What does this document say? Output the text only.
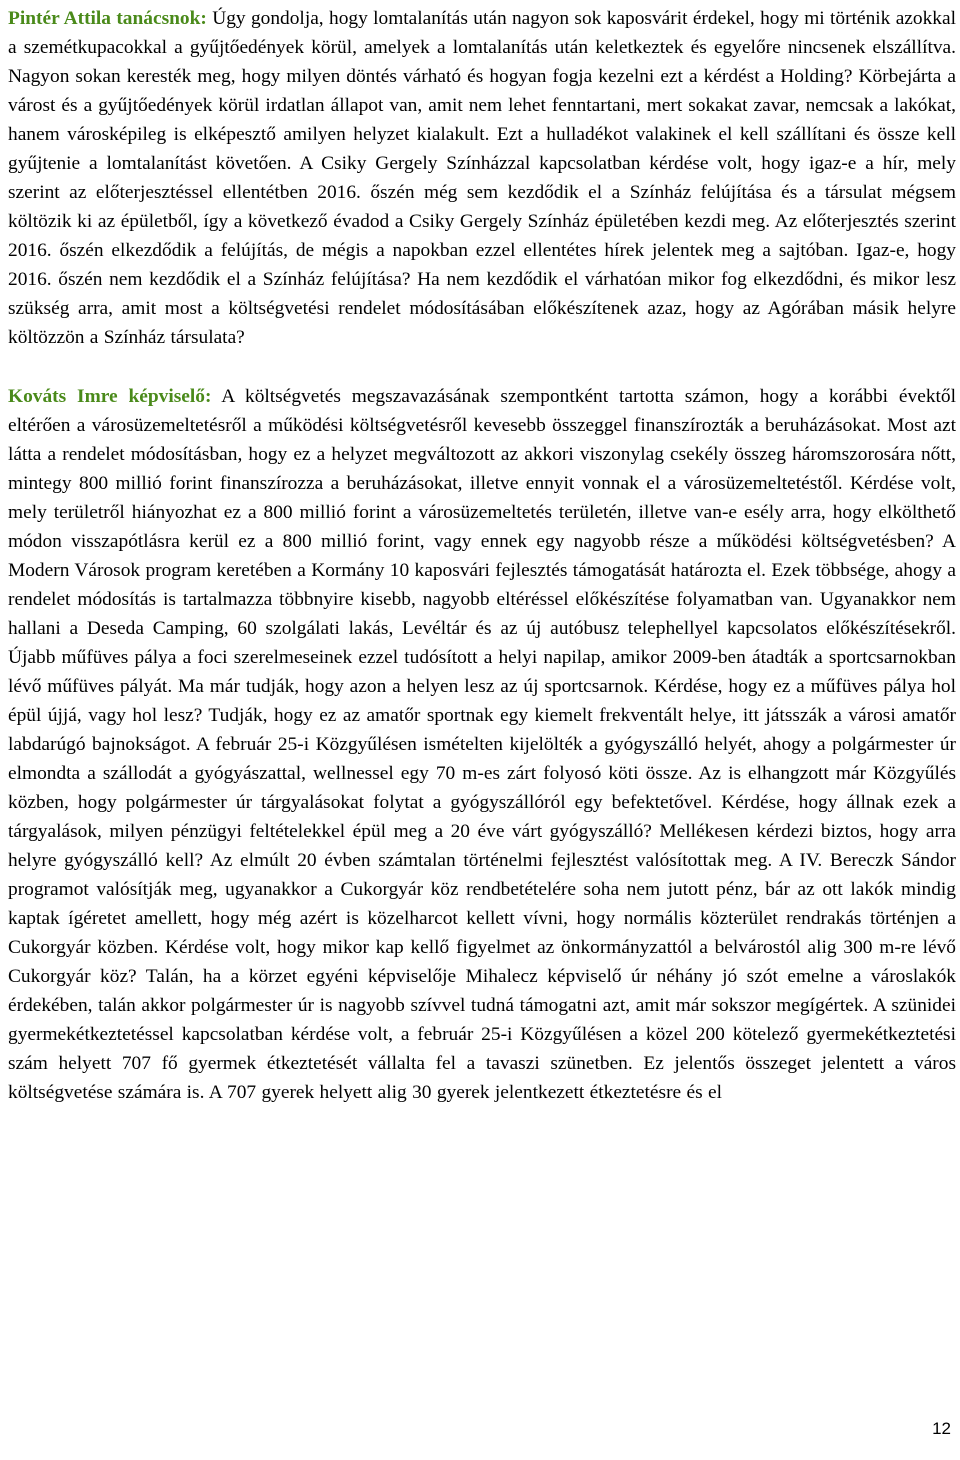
Pintér Attila tanácsnok: Úgy gondolja, hogy lomtalanítás után nagyon sok kaposvárit érdekel, hogy mi történik azokkal a szemétkupacokkal a gyűjtőedények körül, amelyek a lomtalanítás után keletkeztek és egyelőre nincsenek elszállítva. Nagyon sokan keresték meg, hogy milyen döntés várható és hogyan fogja kezelni ezt a kérdést a Holding? Körbejárta a várost és a gyűjtőedények körül irdatlan állapot van, amit nem lehet fenntartani, mert sokakat zavar, nemcsak a lakókat, hanem városképileg is elképesztő amilyen helyzet kialakult. Ezt a hulladékot valakinek el kell szállítani és össze kell gyűjtenie a lomtalanítást követően. A Csiky Gergely Színházzal kapcsolatban kérdése volt, hogy igaz-e a hír, mely szerint az előterjesztéssel ellentétben 2016. őszén még sem kezdődik el a Színház felújítása és a társulat mégsem költözik ki az épületből, így a következő évadod a Csiky Gergely Színház épületében kezdi meg. Az előterjesztés szerint 2016. őszén elkezdődik a felújítás, de mégis a napokban ezzel ellentétes hírek jelentek meg a sajtóban. Igaz-e, hogy 2016. őszén nem kezdődik el a Színház felújítása? Ha nem kezdődik el várhatóan mikor fog elkezdődni, és mikor lesz szükség arra, amit most a költségvetési rendelet módosításában előkészítenek azaz, hogy az Agórában másik helyre költözzön a Színház társulata?

Kováts Imre képviselő: A költségvetés megszavazásának szempontként tartotta számon, hogy a korábbi évektől eltérően a városüzemeltetésről a működési költségvetésről kevesebb összeggel finanszírozták a beruházásokat. Most azt látta a rendelet módosításban, hogy ez a helyzet megváltozott az akkori viszonylag csekély összeg háromszorosára nőtt, mintegy 800 millió forint finanszírozza a beruházásokat, illetve ennyit vonnak el a városüzemeltetéstől. Kérdése volt, mely területről hiányozhat ez a 800 millió forint a városüzemeltetés területén, illetve van-e esély arra, hogy elkölthető módon visszapótlásra kerül ez a 800 millió forint, vagy ennek egy nagyobb része a működési költségvetésben? A Modern Városok program keretében a Kormány 10 kaposvári fejlesztés támogatását határozta el. Ezek többsége, ahogy a rendelet módosítás is tartalmazza többnyire kisebb, nagyobb eltéréssel előkészítése folyamatban van. Ugyanakkor nem hallani a Deseda Camping, 60 szolgálati lakás, Levéltár és az új autóbusz telephellyel kapcsolatos előkészítésekről. Újabb műfüves pálya a foci szerelmeseinek ezzel tudósított a helyi napilap, amikor 2009-ben átadták a sportcsarnokban lévő műfüves pályát. Ma már tudják, hogy azon a helyen lesz az új sportcsarnok. Kérdése, hogy ez a műfüves pálya hol épül újjá, vagy hol lesz? Tudják, hogy ez az amatőr sportnak egy kiemelt frekventált helye, itt játsszák a városi amatőr labdarúgó bajnokságot. A február 25-i Közgyűlésen ismételten kijelölték a gyógyszálló helyét, ahogy a polgármester úr elmondta a szállodát a gyógyászattal, wellnessel egy 70 m-es zárt folyosó köti össze. Az is elhangzott már Közgyűlés közben, hogy polgármester úr tárgyalásokat folytat a gyógyszállóról egy befektetővel. Kérdése, hogy állnak ezek a tárgyalások, milyen pénzügyi feltételekkel épül meg a 20 éve várt gyógyszálló? Mellékesen kérdezi biztos, hogy arra helyre gyógyszálló kell? Az elmúlt 20 évben számtalan történelmi fejlesztést valósítottak meg. A IV. Bereczk Sándor programot valósítják meg, ugyanakkor a Cukorgyár köz rendbetételére soha nem jutott pénz, bár az ott lakók mindig kaptak ígéretet amellett, hogy még azért is közelharcot kellett vívni, hogy normális közterület rendrakás történjen a Cukorgyár közben. Kérdése volt, hogy mikor kap kellő figyelmet az önkormányzattól a belvárostól alig 300 m-re lévő Cukorgyár köz? Talán, ha a körzet egyéni képviselője Mihalecz képviselő úr néhány jó szót emelne a városlakók érdekében, talán akkor polgármester úr is nagyobb szívvel tudná támogatni azt, amit már sokszor megígértek. A szünidei gyermekétkeztetéssel kapcsolatban kérdése volt, a február 25-i Közgyűlésen a közel 200 kötelező gyermekétkeztetési szám helyett 707 fő gyermek étkeztetését vállalta fel a tavaszi szünetben. Ez jelentős összeget jelentett a város költségvetése számára is. A 707 gyerek helyett alig 30 gyerek jelentkezett étkeztetésre és el

12
